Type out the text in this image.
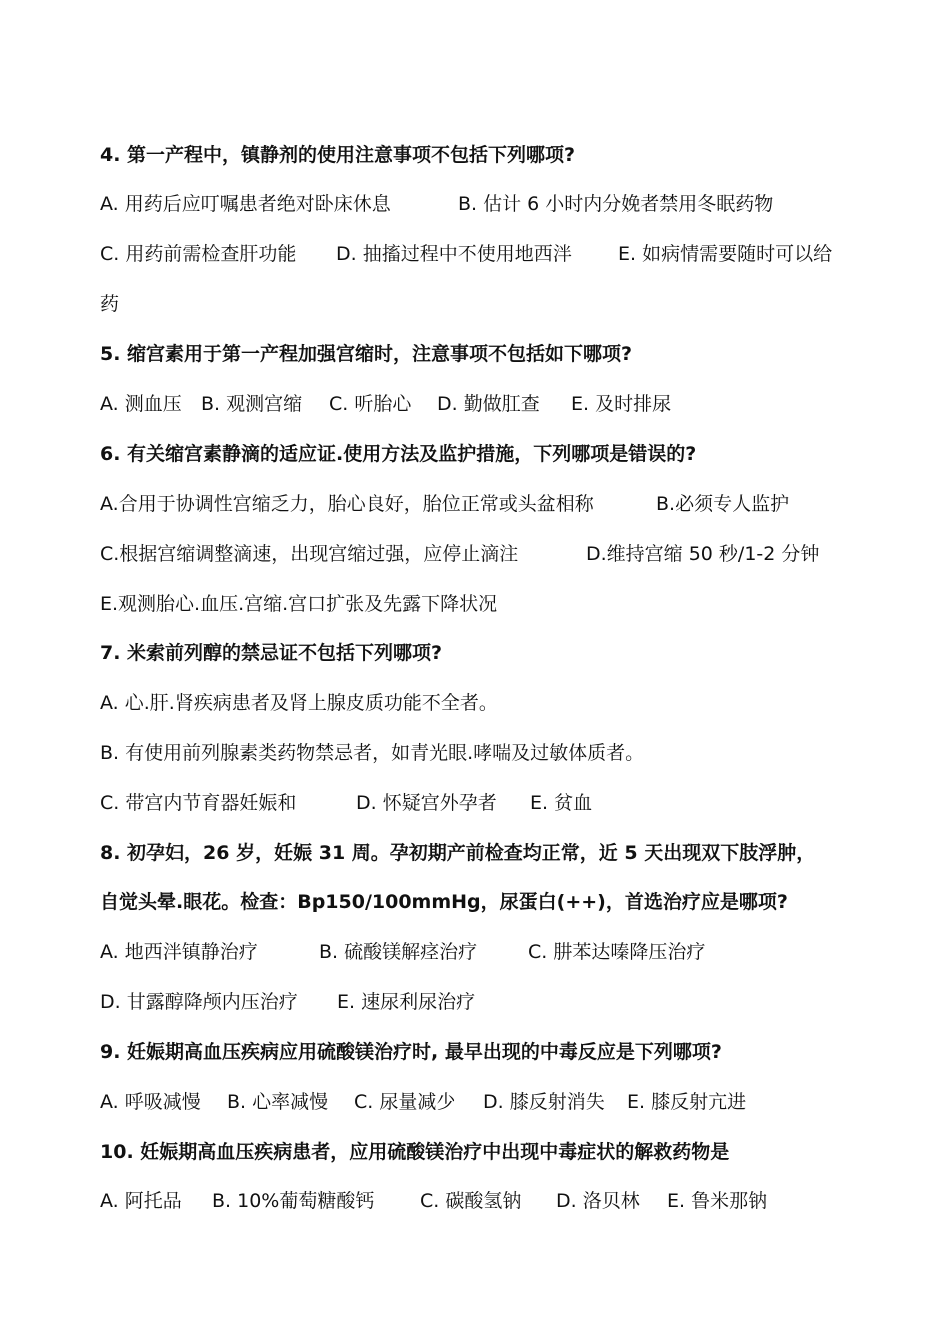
4. 第一产程中，镇静剂的使用注意事项不包括下列哪项?
A. 用药后应叮嘱患者绝对卧床休息	B. 估计 6 小时内分娩者禁用冬眠药物
C. 用药前需检查肝功能 D. 抽搐过程中不使用地西泮 E. 如病情需要随时可以给
药
5. 缩宫素用于第一产程加强宫缩时，注意事项不包括如下哪项?
A. 测血压 B. 观测宫缩 C. 听胎心 D. 勤做肛查 E. 及时排尿
6. 有关缩宫素静滴的适应证.使用方法及监护措施，下列哪项是错误的?
A.合用于协调性宫缩乏力，胎心良好，胎位正常或头盆相称	B.必须专人监护
C.根据宫缩调整滴速，出现宫缩过强，应停止滴注	D.维持宫缩 50 秒/1-2 分钟
E.观测胎心.血压.宫缩.宫口扩张及先露下降状况
7. 米索前列醇的禁忌证不包括下列哪项?
A. 心.肝.肾疾病患者及肾上腺皮质功能不全者。
B. 有使用前列腺素类药物禁忌者，如青光眼.哮喘及过敏体质者。
C. 带宫内节育器妊娠和	D. 怀疑宫外孕者 E. 贫血
8. 初孕妇，26 岁，妊娠 31 周。孕初期产前检查均正常，近 5 天出现双下肢浮肿，
自觉头晕.眼花。检查：Bp150/100mmHg，尿蛋白(++)，首选治疗应是哪项?
A. 地西泮镇静治疗	B. 硫酸镁解痉治疗	C. 肼苯达嗪降压治疗
D. 甘露醇降颅内压治疗 E. 速尿利尿治疗
9. 妊娠期高血压疾病应用硫酸镁治疗时, 最早出现的中毒反应是下列哪项?
A. 呼吸减慢 B. 心率减慢 C. 尿量减少 D. 膝反射消失 E. 膝反射亢进
10. 妊娠期高血压疾病患者，应用硫酸镁治疗中出现中毒症状的解救药物是
A. 阿托品 B. 10%葡萄糖酸钙 C. 碳酸氢钠 D. 洛贝林 E. 鲁米那钠
